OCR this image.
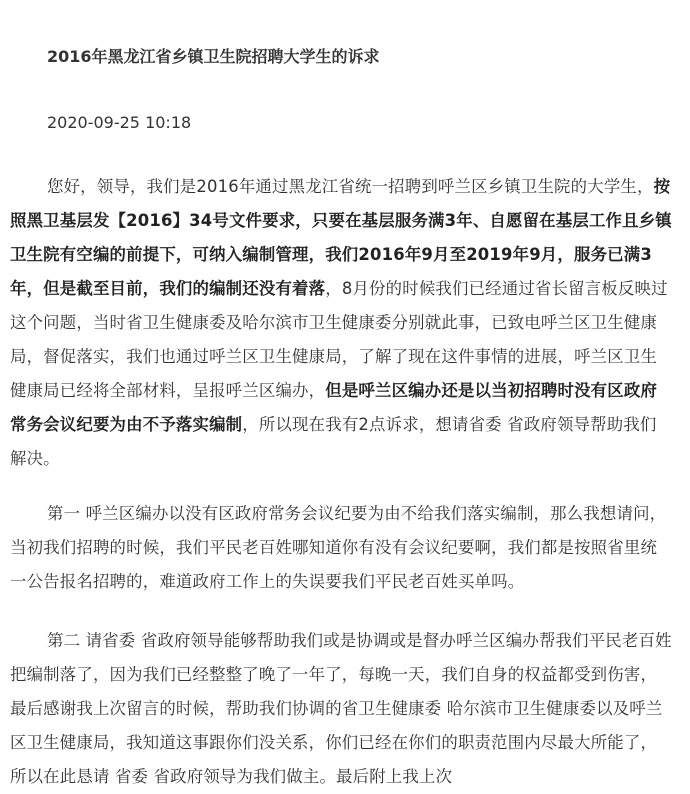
2016年黑龙江省乡镇卫生院招聘大学生的诉求
2020-09-25 10:18
您好，领导，我们是2016年通过黑龙江省统一招聘到呼兰区乡镇卫生院的大学生，按照黑卫基层发【2016】34号文件要求，只要在基层服务满3年、自愿留在基层工作且乡镇卫生院有空编的前提下，可纳入编制管理，我们2016年9月至2019年9月，服务已满3年，但是截至目前，我们的编制还没有着落，8月份的时候我们已经通过省长留言板反映过这个问题，当时省卫生健康委及哈尔滨市卫生健康委分别就此事，已致电呼兰区卫生健康局，督促落实，我们也通过呼兰区卫生健康局，了解了现在这件事情的进展，呼兰区卫生健康局已经将全部材料，呈报呼兰区编办，但是呼兰区编办还是以当初招聘时没有区政府常务会议纪要为由不予落实编制，所以现在我有2点诉求，想请省委 省政府领导帮助我们解决。
第一 呼兰区编办以没有区政府常务会议纪要为由不给我们落实编制，那么我想请问，当初我们招聘的时候，我们平民老百姓哪知道你有没有会议纪要啊，我们都是按照省里统一公告报名招聘的，难道政府工作上的失误要我们平民老百姓买单吗。
第二 请省委 省政府领导能够帮助我们或是协调或是督办呼兰区编办帮我们平民老百姓把编制落了，因为我们已经整整了晚了一年了，每晚一天，我们自身的权益都受到伤害，最后感谢我上次留言的时候，帮助我们协调的省卫生健康委 哈尔滨市卫生健康委以及呼兰区卫生健康局，我知道这事跟你们没关系，你们已经在你们的职责范围内尽最大所能了，所以在此恳请 省委 省政府领导为我们做主。最后附上我上次
